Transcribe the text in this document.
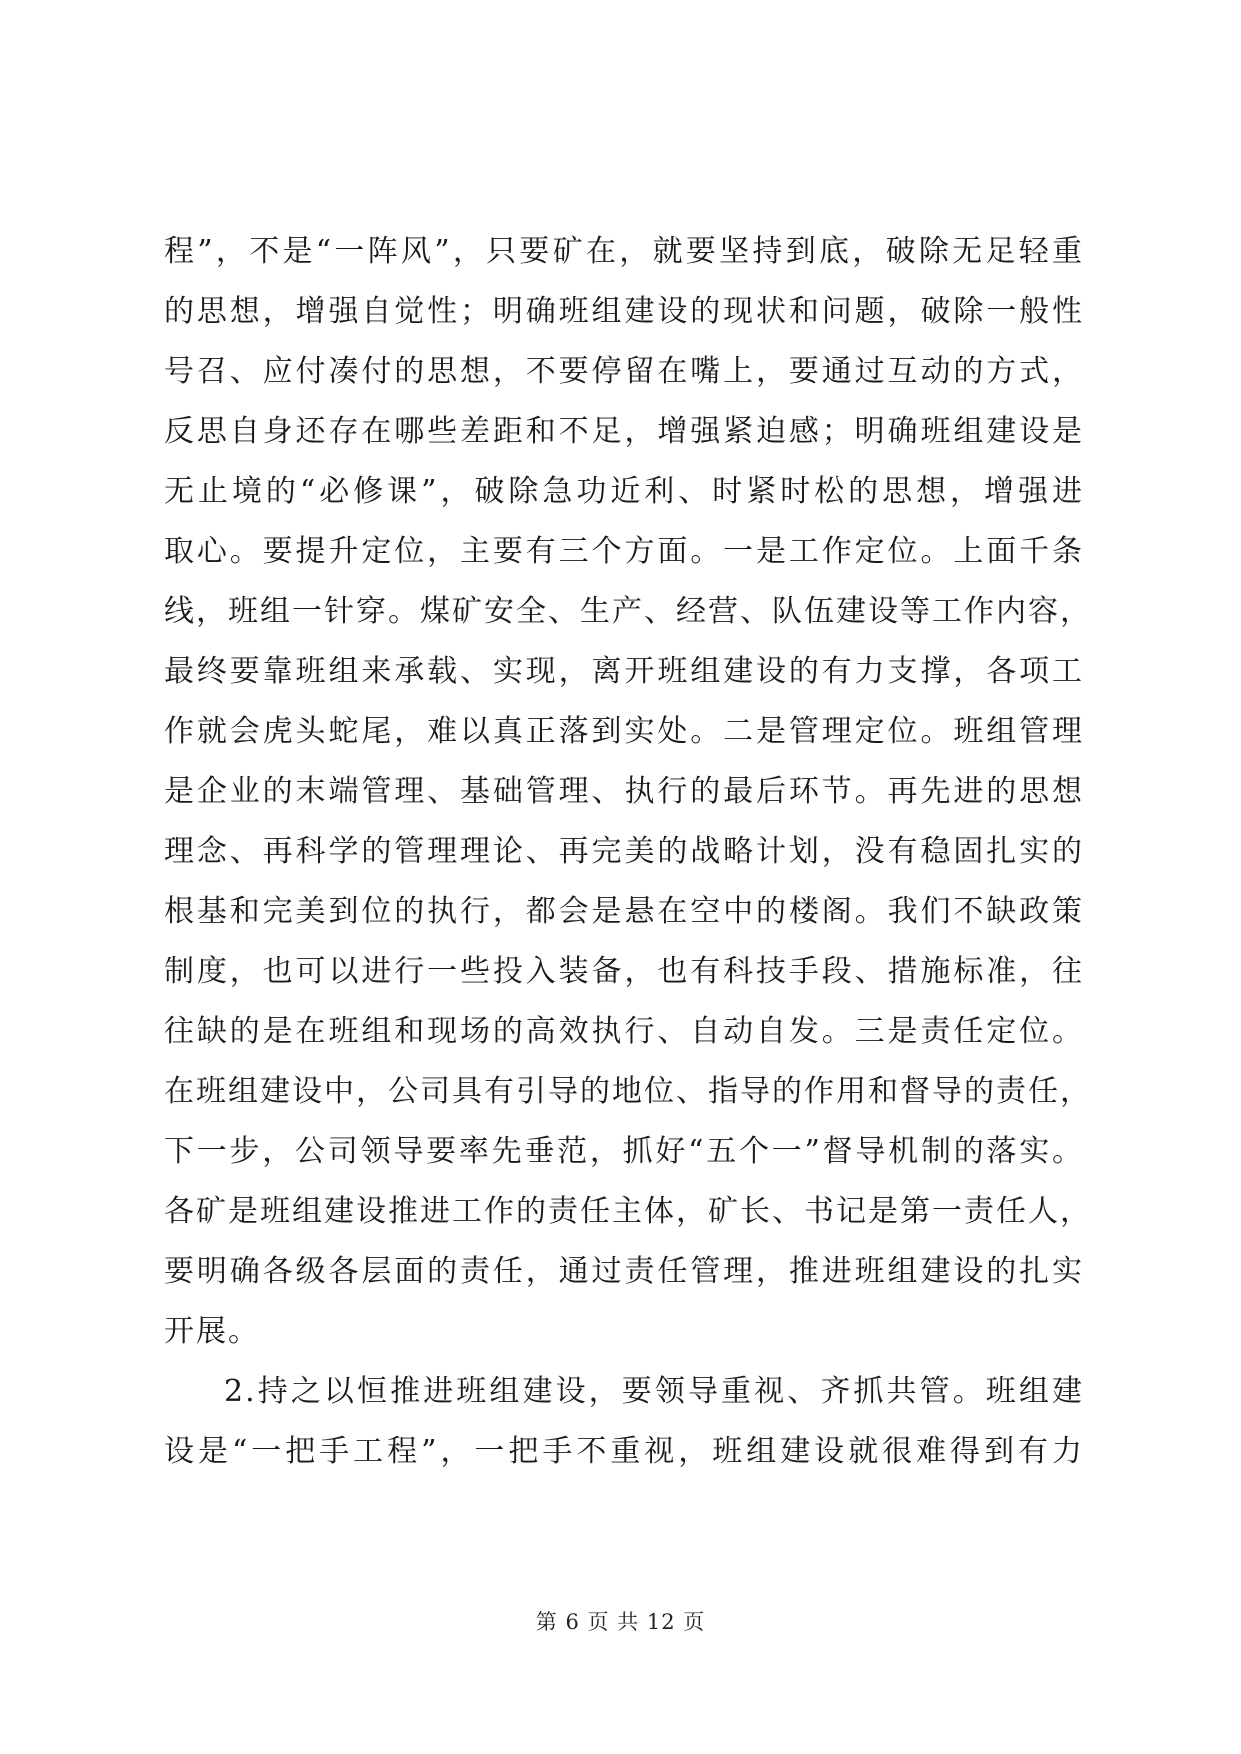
程”，不是“一阵风”，只要矿在，就要坚持到底，破除无足轻重
的思想，增强自觉性；明确班组建设的现状和问题，破除一般性
号召、应付凑付的思想，不要停留在嘴上，要通过互动的方式，
反思自身还存在哪些差距和不足，增强紧迫感；明确班组建设是
无止境的“必修课”，破除急功近利、时紧时松的思想，增强进
取心。要提升定位，主要有三个方面。一是工作定位。上面千条
线，班组一针穿。煤矿安全、生产、经营、队伍建设等工作内容，
最终要靠班组来承载、实现，离开班组建设的有力支撑，各项工
作就会虎头蛇尾，难以真正落到实处。二是管理定位。班组管理
是企业的末端管理、基础管理、执行的最后环节。再先进的思想
理念、再科学的管理理论、再完美的战略计划，没有稳固扎实的
根基和完美到位的执行，都会是悬在空中的楼阁。我们不缺政策
制度，也可以进行一些投入装备，也有科技手段、措施标准，往
往缺的是在班组和现场的高效执行、自动自发。三是责任定位。
在班组建设中，公司具有引导的地位、指导的作用和督导的责任，
下一步，公司领导要率先垂范，抓好“五个一”督导机制的落实。
各矿是班组建设推进工作的责任主体，矿长、书记是第一责任人，
要明确各级各层面的责任，通过责任管理，推进班组建设的扎实
开展。
2.持之以恒推进班组建设，要领导重视、齐抓共管。班组建
设是“一把手工程”，一把手不重视，班组建设就很难得到有力
第 6 页 共 12 页
